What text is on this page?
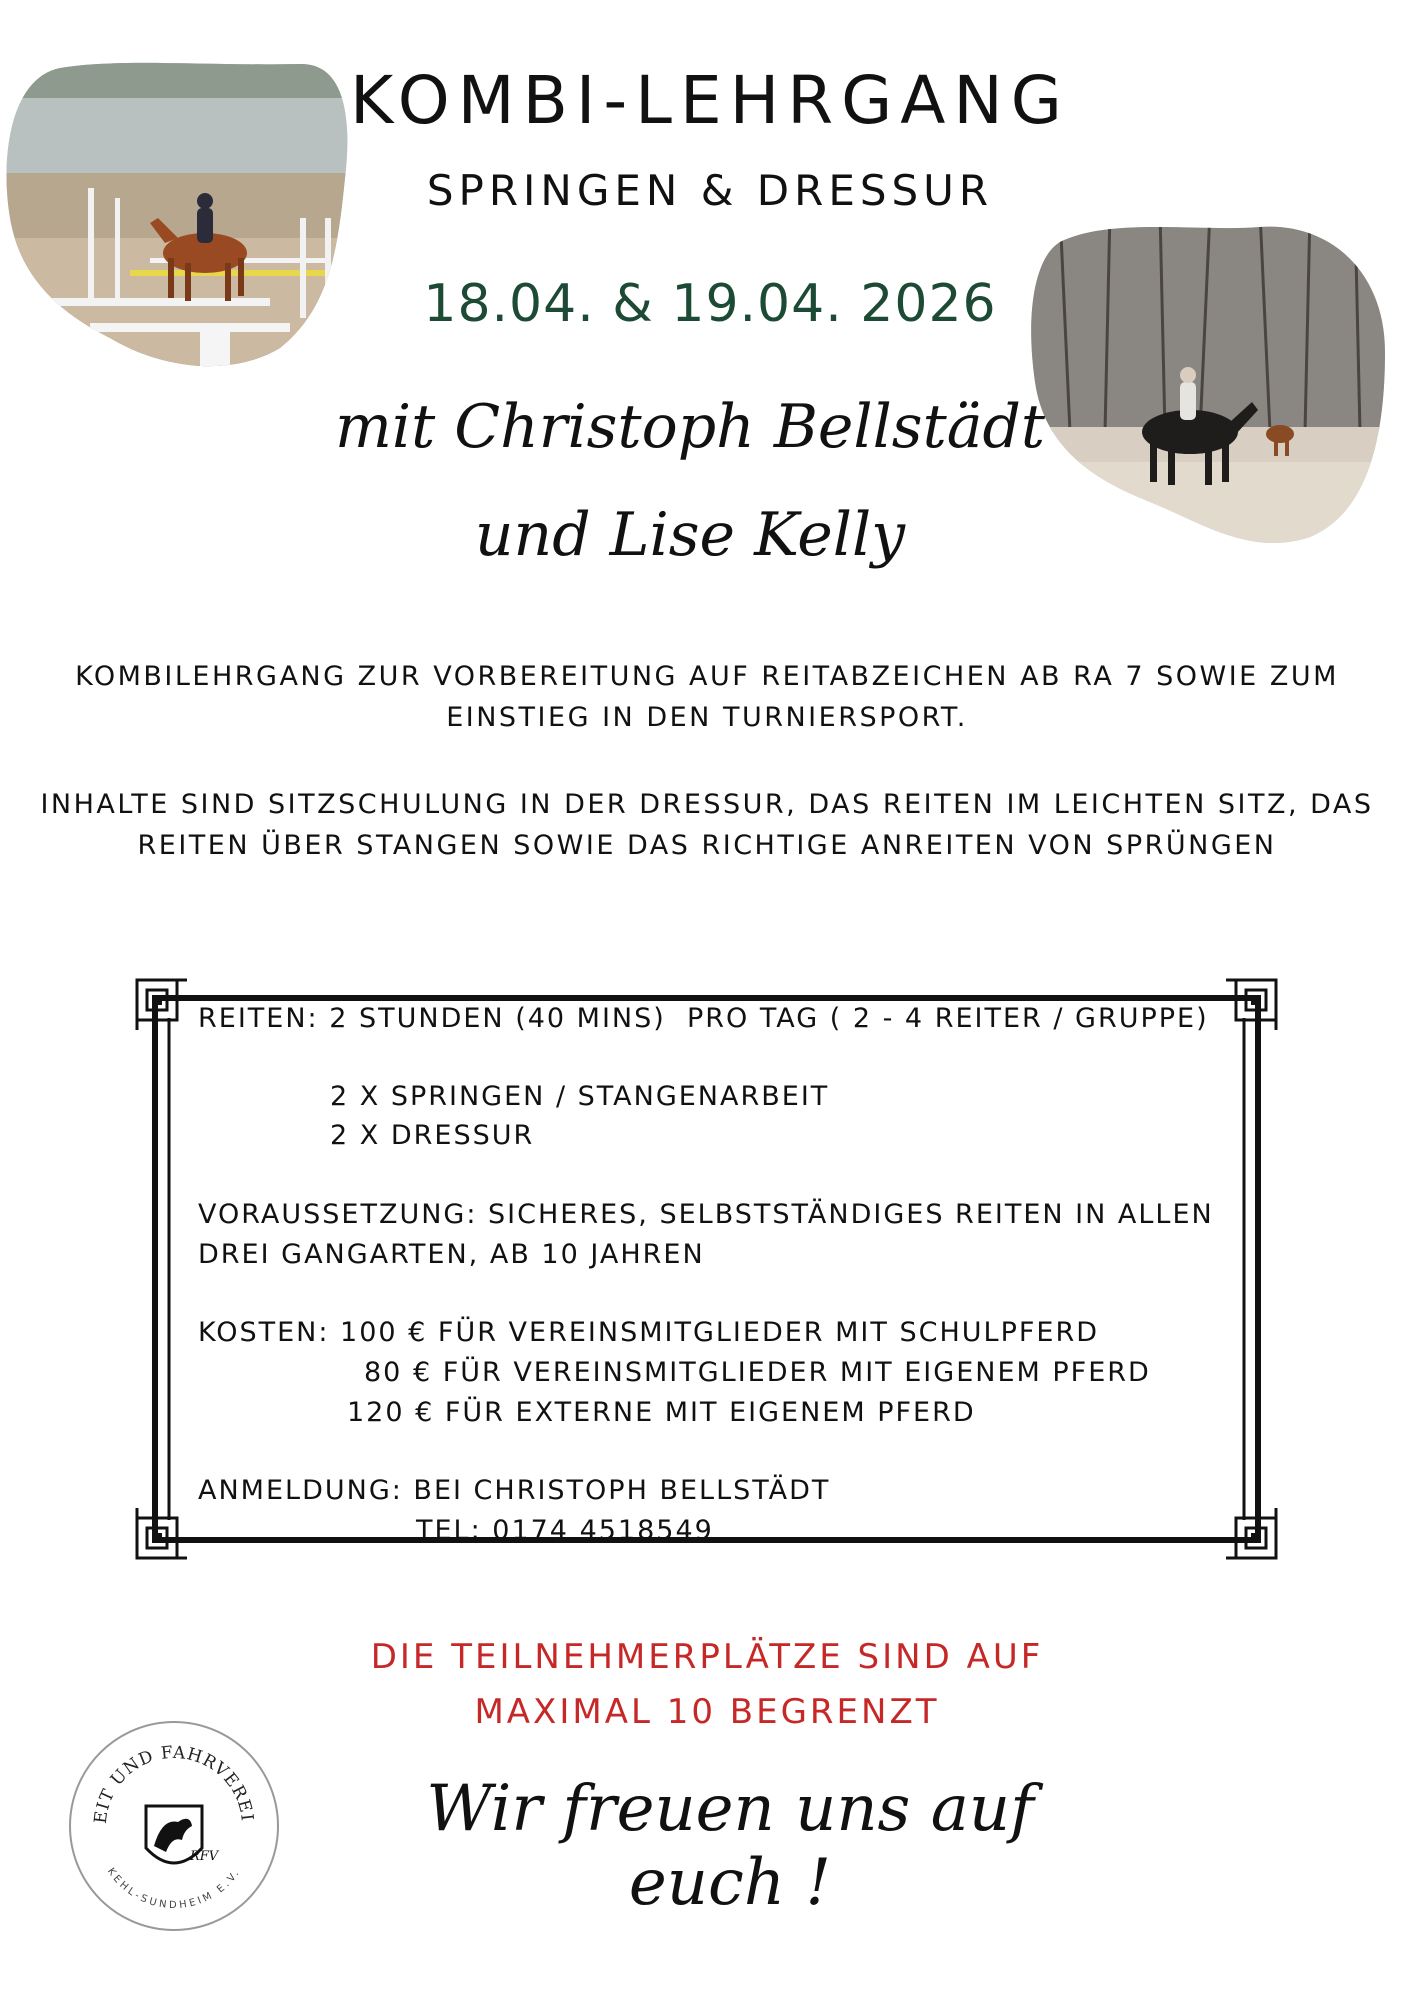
KOMBI-LEHRGANG
SPRINGEN & DRESSUR
18.04. & 19.04. 2026
mit Christoph Bellstädt
und Lise Kelly
KOMBILEHRGANG ZUR VORBEREITUNG AUF REITABZEICHEN AB RA 7 SOWIE ZUM EINSTIEG IN DEN TURNIERSPORT.
INHALTE SIND SITZSCHULUNG IN DER DRESSUR, DAS REITEN IM LEICHTEN SITZ, DAS REITEN ÜBER STANGEN SOWIE DAS RICHTIGE ANREITEN VON SPRÜNGEN
REITEN: 2 STUNDEN (40 MINS)  PRO TAG ( 2 - 4 REITER / GRUPPE)
2 X SPRINGEN / STANGENARBEIT
2 X DRESSUR
VORAUSSETZUNG: SICHERES, SELBSTSTÄNDIGES REITEN IN ALLEN
DREI GANGARTEN, AB 10 JAHREN
KOSTEN: 100 € FÜR VEREINSMITGLIEDER MIT SCHULPFERD
80 € FÜR VEREINSMITGLIEDER MIT EIGENEM PFERD
120 € FÜR EXTERNE MIT EIGENEM PFERD
ANMELDUNG: BEI CHRISTOPH BELLSTÄDT
TEL: 0174 4518549
DIE TEILNEHMERPLÄTZE SIND AUF
MAXIMAL 10 BEGRENZT
EIT UND FAHRVEREI
KEHL-SUNDHEIM E.V.
RFV
Wir freuen uns auf euch !
